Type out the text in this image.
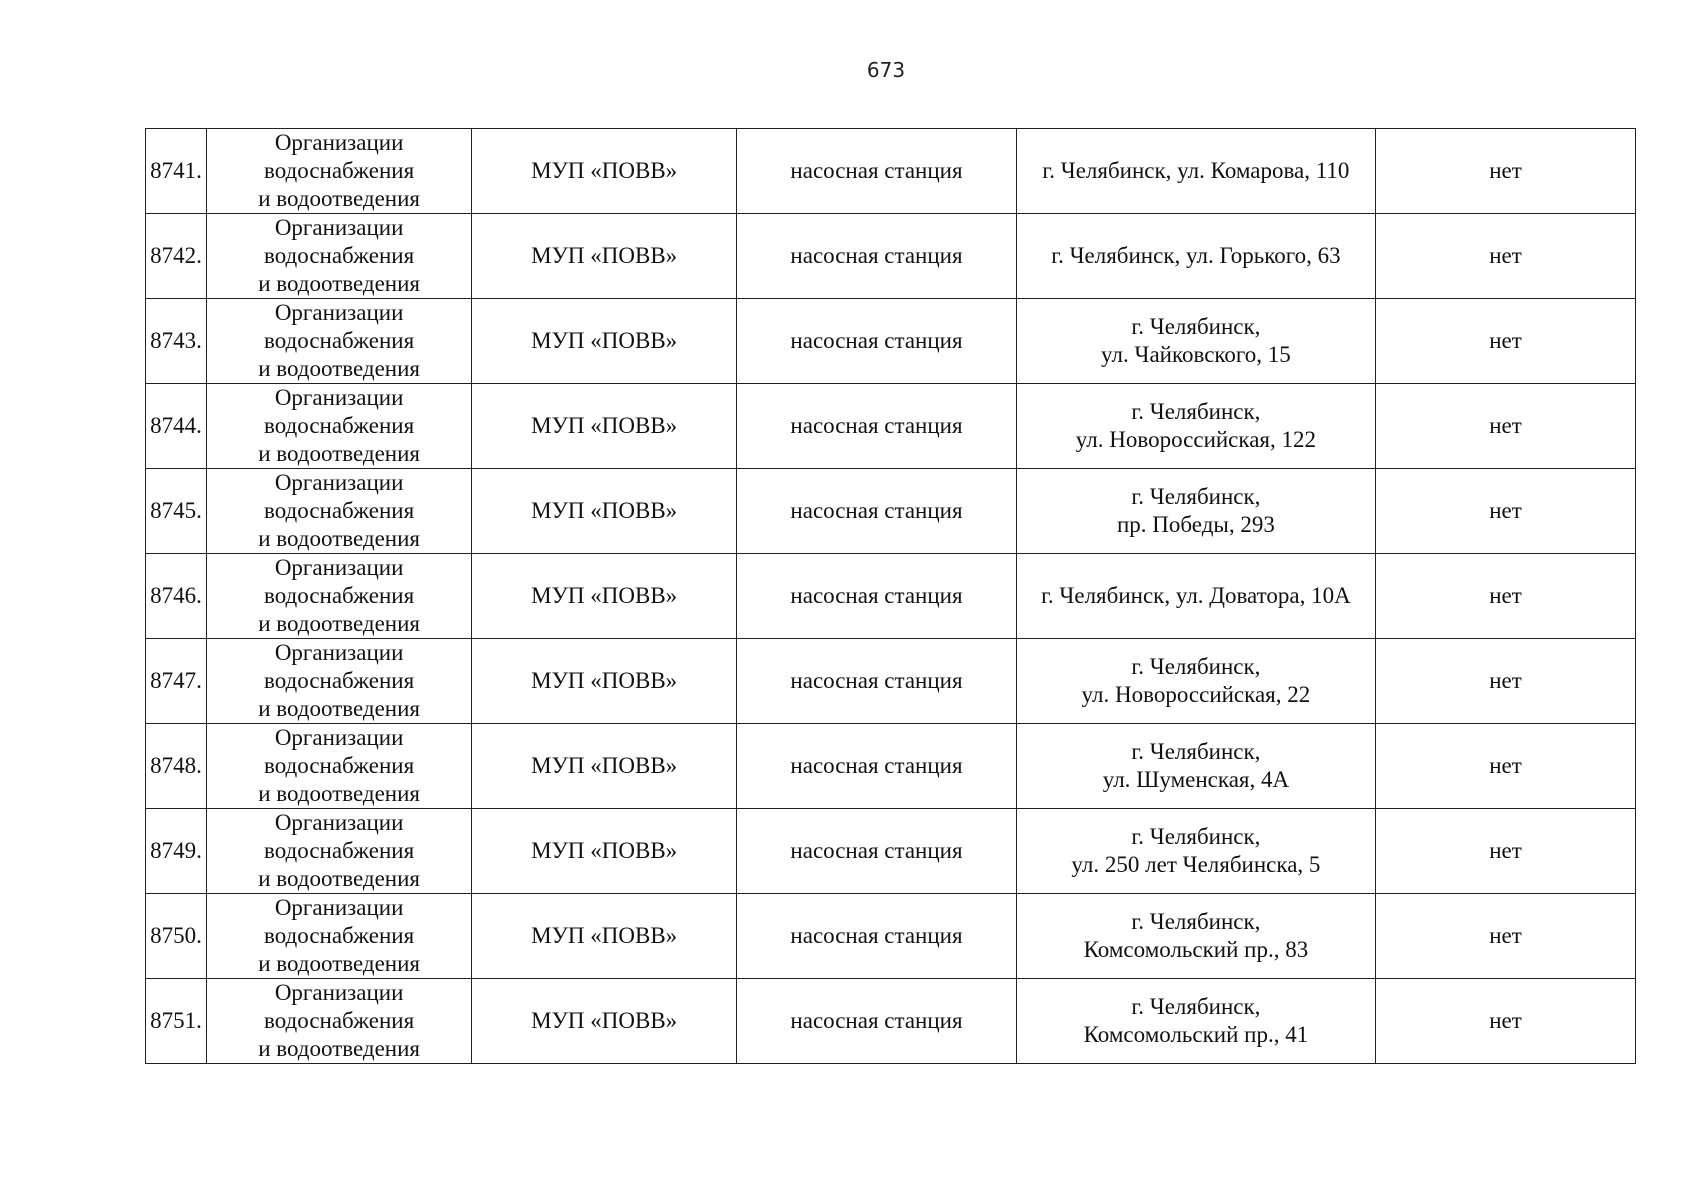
673
8741.	Организации
водоснабжения
и водоотведения	МУП «ПОВВ»	насосная станция	г. Челябинск, ул. Комарова, 110	нет
8742.	Организации
водоснабжения
и водоотведения	МУП «ПОВВ»	насосная станция	г. Челябинск, ул. Горького, 63	нет
8743.	Организации
водоснабжения
и водоотведения	МУП «ПОВВ»	насосная станция	г. Челябинск,
ул. Чайковского, 15	нет
8744.	Организации
водоснабжения
и водоотведения	МУП «ПОВВ»	насосная станция	г. Челябинск,
ул. Новороссийская, 122	нет
8745.	Организации
водоснабжения
и водоотведения	МУП «ПОВВ»	насосная станция	г. Челябинск,
пр. Победы, 293	нет
8746.	Организации
водоснабжения
и водоотведения	МУП «ПОВВ»	насосная станция	г. Челябинск, ул. Доватора, 10А	нет
8747.	Организации
водоснабжения
и водоотведения	МУП «ПОВВ»	насосная станция	г. Челябинск,
ул. Новороссийская, 22	нет
8748.	Организации
водоснабжения
и водоотведения	МУП «ПОВВ»	насосная станция	г. Челябинск,
ул. Шуменская, 4А	нет
8749.	Организации
водоснабжения
и водоотведения	МУП «ПОВВ»	насосная станция	г. Челябинск,
ул. 250 лет Челябинска, 5	нет
8750.	Организации
водоснабжения
и водоотведения	МУП «ПОВВ»	насосная станция	г. Челябинск,
Комсомольский пр., 83	нет
8751.	Организации
водоснабжения
и водоотведения	МУП «ПОВВ»	насосная станция	г. Челябинск,
Комсомольский пр., 41	нет
